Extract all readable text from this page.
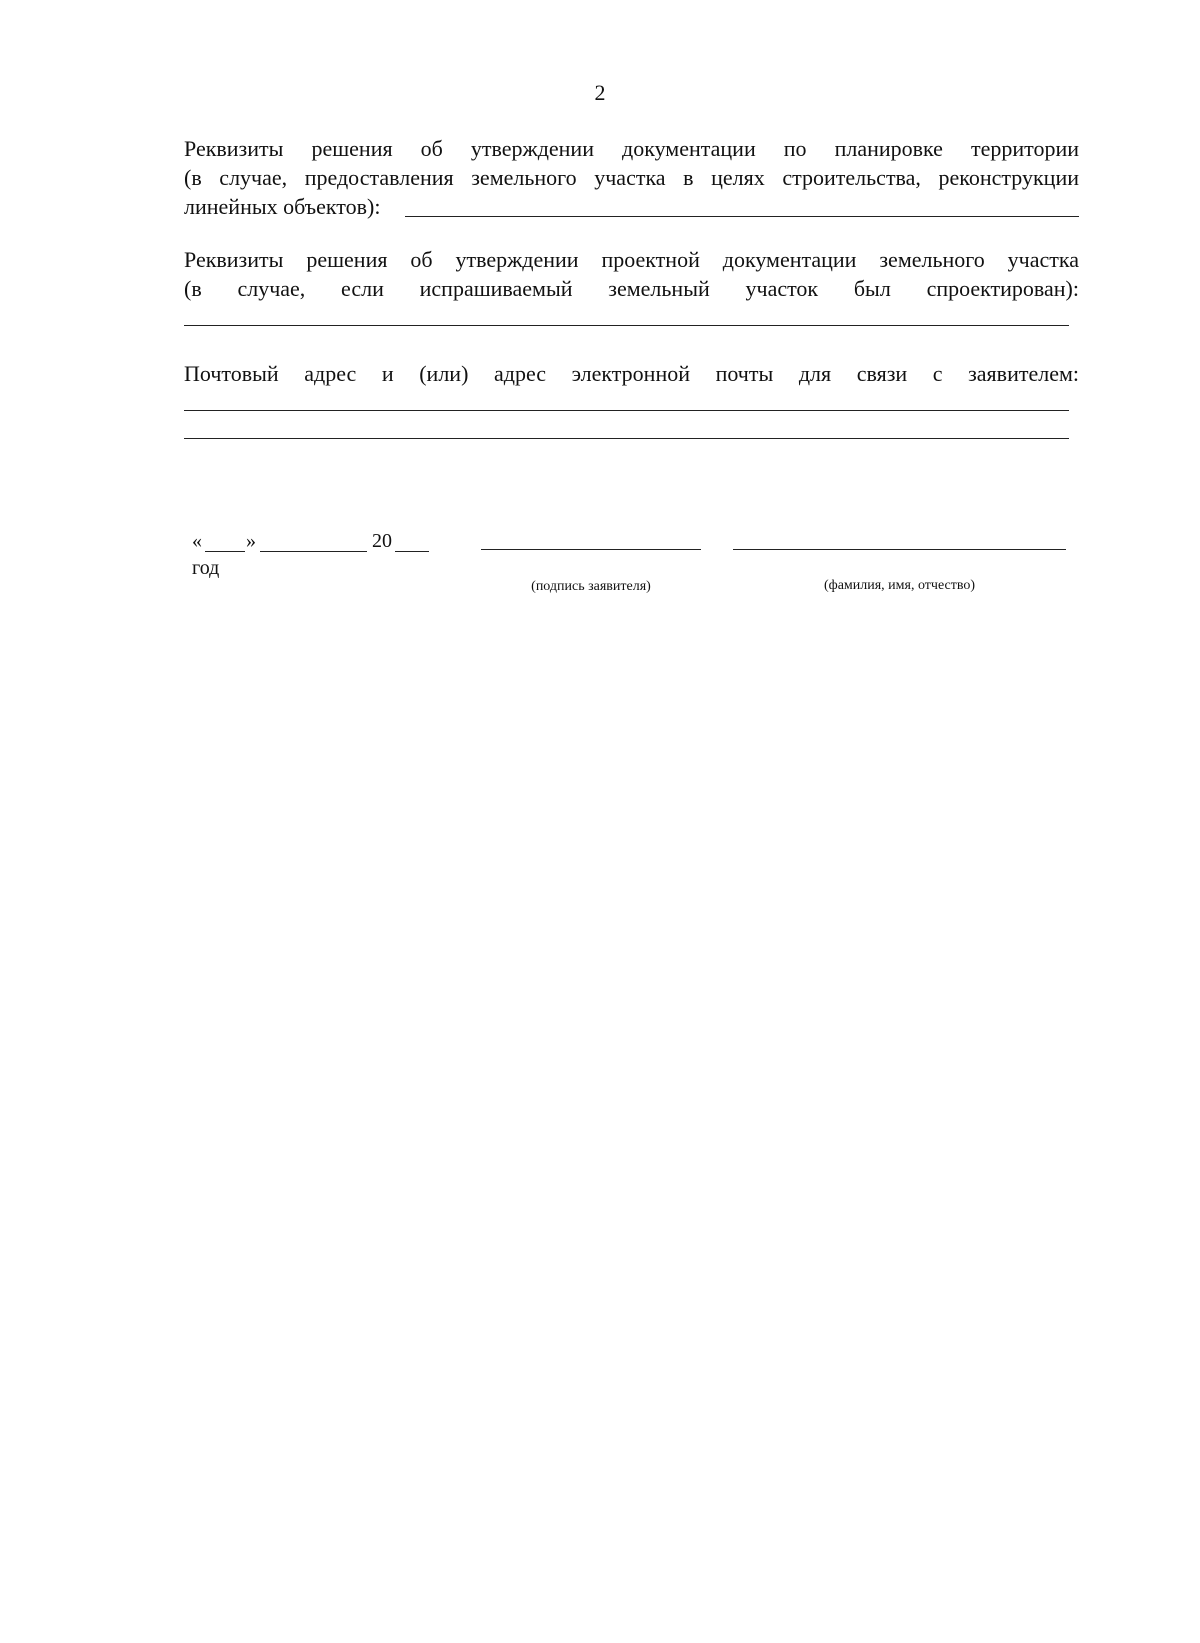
2
Реквизиты решения об утверждении документации по планировке территории
(в случае, предоставления земельного участка в целях строительства, реконструкции
линейных объектов):
Реквизиты решения об утверждении проектной документации земельного участка
(в случае, если испрашиваемый земельный участок был спроектирован):
Почтовый адрес и (или) адрес электронной почты для связи с заявителем:
« »	20
год
(подпись заявителя)	(фамилия, имя, отчество)
